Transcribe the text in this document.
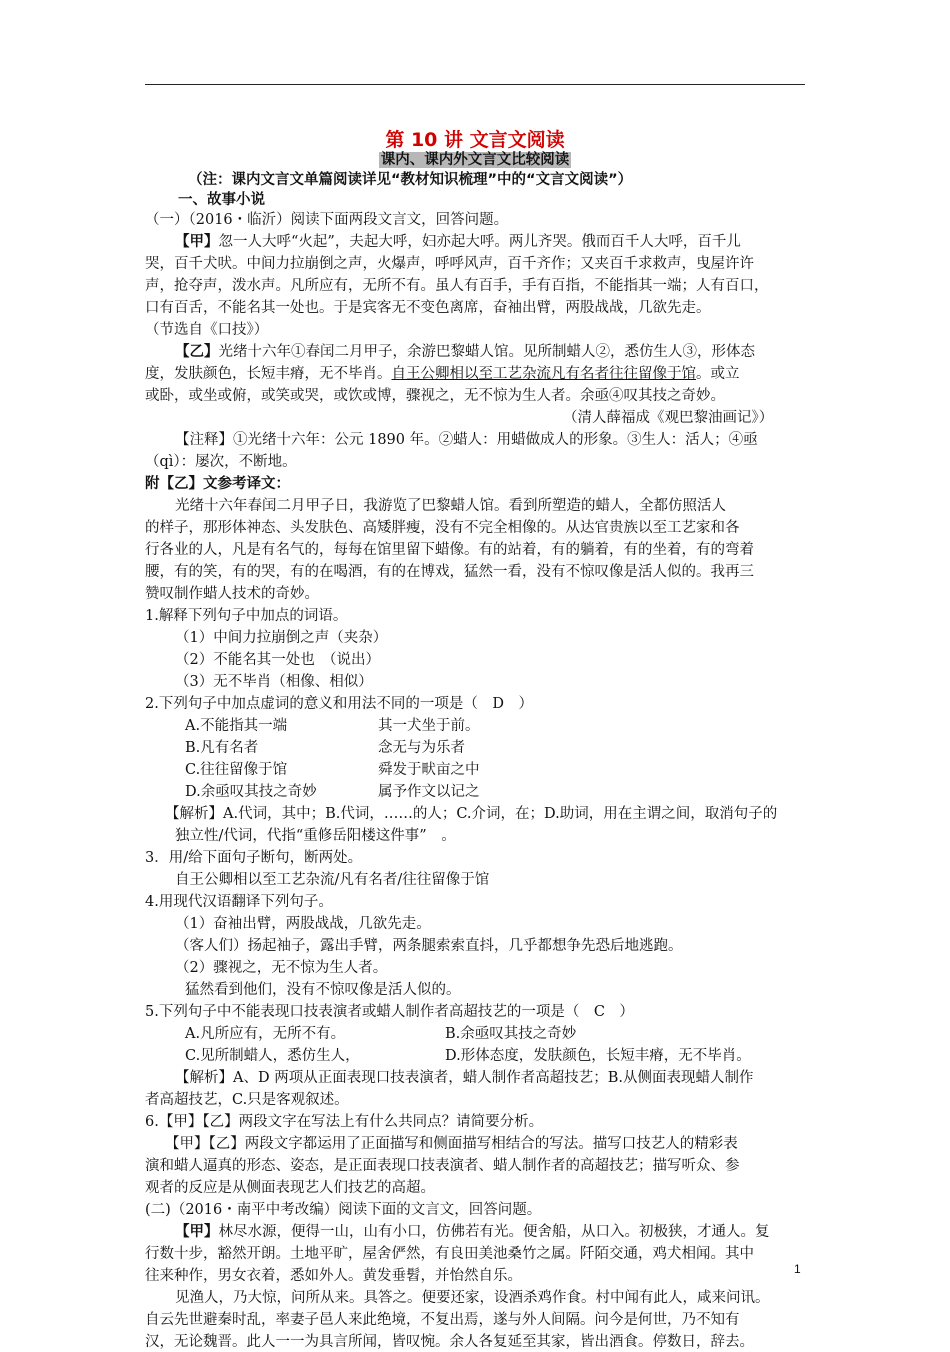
第 10 讲 文言文阅读
课内、课内外文言文比较阅读
（注：课内文言文单篇阅读详见“教材知识梳理”中的“文言文阅读”）
一、故事小说
（一）（2016・临沂）阅读下面两段文言文，回答问题。
【甲】忽一人大呼“火起”，夫起大呼，妇亦起大呼。两儿齐哭。俄而百千人大呼，百千儿
哭，百千犬吠。中间力拉崩倒之声，火爆声，呼呼风声，百千齐作；又夹百千求救声，曳屋许许
声，抢夺声，泼水声。凡所应有，无所不有。虽人有百手，手有百指，不能指其一端；人有百口，
口有百舌，不能名其一处也。于是宾客无不变色离席，奋袖出臂，两股战战，几欲先走。
（节选自《口技》）
【乙】光绪十六年①春闰二月甲子，余游巴黎蜡人馆。见所制蜡人②，悉仿生人③，形体态
度，发肤颜色，长短丰瘠，无不毕肖。自王公卿相以至工艺杂流凡有名者往往留像于馆。或立
或卧，或坐或俯，或笑或哭，或饮或博，骤视之，无不惊为生人者。余亟④叹其技之奇妙。
（清人薛福成《观巴黎油画记》）
【注释】①光绪十六年：公元 1890 年。②蜡人：用蜡做成人的形象。③生人：活人；④亟
（qì）：屡次，不断地。
附【乙】文参考译文：
光绪十六年春闰二月甲子日，我游览了巴黎蜡人馆。看到所塑造的蜡人，全都仿照活人
的样子，那形体神态、头发肤色、高矮胖瘦，没有不完全相像的。从达官贵族以至工艺家和各
行各业的人，凡是有名气的，每每在馆里留下蜡像。有的站着，有的躺着，有的坐着，有的弯着
腰，有的笑，有的哭，有的在喝酒，有的在博戏，猛然一看，没有不惊叹像是活人似的。我再三
赞叹制作蜡人技术的奇妙。
1.解释下列句子中加点的词语。
（1）中间力拉崩倒之声（夹杂）
（2）不能名其一处也　（说出）
（3）无不毕肖（相像、相似）
2.下列句子中加点虚词的意义和用法不同的一项是（　D　）
A.不能指其一端	其一犬坐于前。
B.凡有名者	念无与为乐者
C.往往留像于馆	舜发于畎亩之中
D.余亟叹其技之奇妙	属予作文以记之
【解析】A.代词，其中；B.代词，……的人；C.介词，在；D.助词，用在主谓之间，取消句子的
独立性/代词，代指“重修岳阳楼这件事”　。
3．用/给下面句子断句，断两处。
自王公卿相以至工艺杂流/凡有名者/往往留像于馆
4.用现代汉语翻译下列句子。
（1）奋袖出臂，两股战战，几欲先走。
（客人们）扬起袖子，露出手臂，两条腿索索直抖，几乎都想争先恐后地逃跑。
（2）骤视之，无不惊为生人者。
猛然看到他们，没有不惊叹像是活人似的。
5.下列句子中不能表现口技表演者或蜡人制作者高超技艺的一项是（　C　）
A.凡所应有，无所不有。	B.余亟叹其技之奇妙
C.见所制蜡人，悉仿生人，	D.形体态度，发肤颜色，长短丰瘠，无不毕肖。
【解析】A、D 两项从正面表现口技表演者，蜡人制作者高超技艺；B.从侧面表现蜡人制作
者高超技艺，C.只是客观叙述。
6.【甲】【乙】两段文字在写法上有什么共同点？请简要分析。
【甲】【乙】两段文字都运用了正面描写和侧面描写相结合的写法。描写口技艺人的精彩表
演和蜡人逼真的形态、姿态，是正面表现口技表演者、蜡人制作者的高超技艺；描写听众、参
观者的反应是从侧面表现艺人们技艺的高超。
(二)（2016・南平中考改编）阅读下面的文言文，回答问题。
【甲】林尽水源，便得一山，山有小口，仿佛若有光。便舍船，从口入。初极狭，才通人。复
行数十步，豁然开朗。土地平旷，屋舍俨然，有良田美池桑竹之属。阡陌交通，鸡犬相闻。其中
往来种作，男女衣着，悉如外人。黄发垂髫，并怡然自乐。
见渔人，乃大惊，问所从来。具答之。便要还家，设酒杀鸡作食。村中闻有此人，咸来问讯。
自云先世避秦时乱，率妻子邑人来此绝境，不复出焉，遂与外人间隔。问今是何世，乃不知有
汉，无论魏晋。此人一一为具言所闻，皆叹惋。余人各复延至其家，皆出酒食。停数日，辞去。
1
